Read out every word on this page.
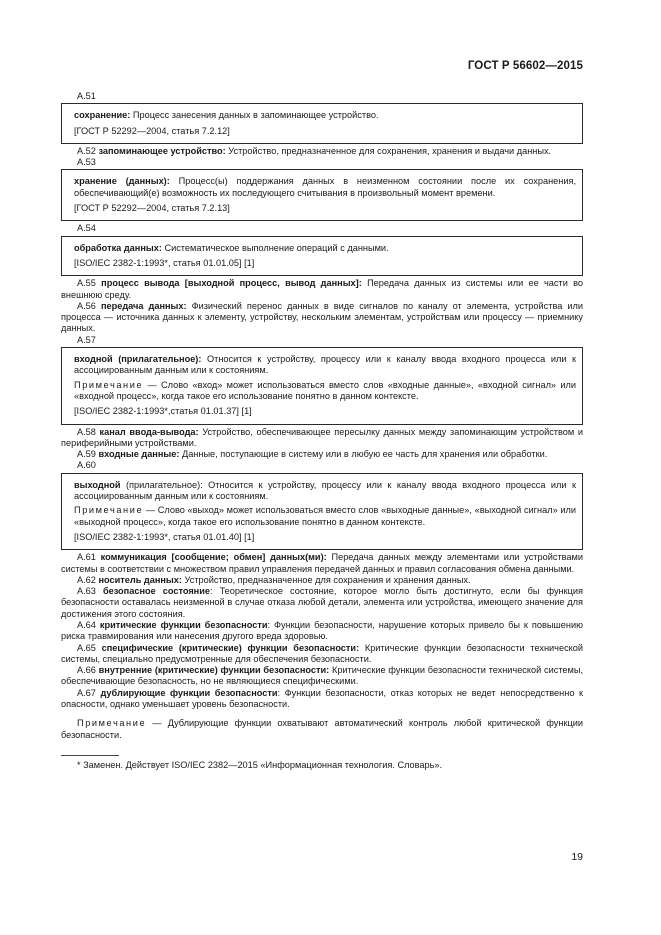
ГОСТ Р 56602—2015

А.51

сохранение: Процесс занесения данных в запоминающее устройство.

[ГОСТ Р 52292—2004, статья 7.2.12]

А.52 запоминающее устройство: Устройство, предназначенное для сохранения, хранения и выдачи данных.

А.53

хранение (данных): Процесс(ы) поддержания данных в неизменном состоянии после их сохранения, обеспечивающий(е) возможность их последующего считывания в произвольный момент времени.

[ГОСТ Р 52292—2004, статья 7.2.13]

А.54

обработка данных: Систематическое выполнение операций с данными.

[ISO/IEC 2382-1:1993*, статья 01.01.05] [1]

А.55 процесс вывода [выходной процесс, вывод данных]: Передача данных из системы или ее части во внешнюю среду.

А.56 передача данных: Физический перенос данных в виде сигналов по каналу от элемента, устройства или процесса — источника данных к элементу, устройству, нескольким элементам, устройствам или процессу — приемнику данных.

А.57

входной (прилагательное): Относится к устройству, процессу или к каналу ввода входного процесса или к ассоциированным данным или к состояниям.

Примечание — Слово «вход» может использоваться вместо слов «входные данные», «входной сигнал» или «входной процесс», когда такое его использование понятно в данном контексте.

[ISO/IEC 2382-1:1993*,статья 01.01.37] [1]

А.58 канал ввода-вывода: Устройство, обеспечивающее пересылку данных между запоминающим устройством и периферийными устройствами.

А.59 входные данные: Данные, поступающие в систему или в любую ее часть для хранения или обработки.

А.60

выходной (прилагательное): Относится к устройству, процессу или к каналу ввода входного процесса или к ассоциированным данным или к состояниям.

Примечание — Слово «выход» может использоваться вместо слов «выходные данные», «выходной сигнал» или «выходной процесс», когда такое его использование понятно в данном контексте.

[ISO/IEC 2382-1:1993*, статья 01.01.40] [1]

А.61 коммуникация [сообщение; обмен] данных(ми): Передача данных между элементами или устройствами системы в соответствии с множеством правил управления передачей данных и правил согласования обмена данными.

А.62 носитель данных: Устройство, предназначенное для сохранения и хранения данных.

А.63 безопасное состояние: Теоретическое состояние, которое могло быть достигнуто, если бы функция безопасности оставалась неизменной в случае отказа любой детали, элемента или устройства, имеющего значение для достижения этого состояния.

А.64 критические функции безопасности: Функции безопасности, нарушение которых привело бы к повышению риска травмирования или нанесения другого вреда здоровью.

А.65 специфические (критические) функции безопасности: Критические функции безопасности технической системы, специально предусмотренные для обеспечения безопасности.

А.66 внутренние (критические) функции безопасности: Критические функции безопасности технической системы, обеспечивающие безопасность, но не являющиеся специфическими.

А.67 дублирующие функции безопасности: Функции безопасности, отказ которых не ведет непосредственно к опасности, однако уменьшает уровень безопасности.

Примечание — Дублирующие функции охватывают автоматический контроль любой критической функции безопасности.

* Заменен. Действует ISO/IEC 2382—2015 «Информационная технология. Словарь».

19
